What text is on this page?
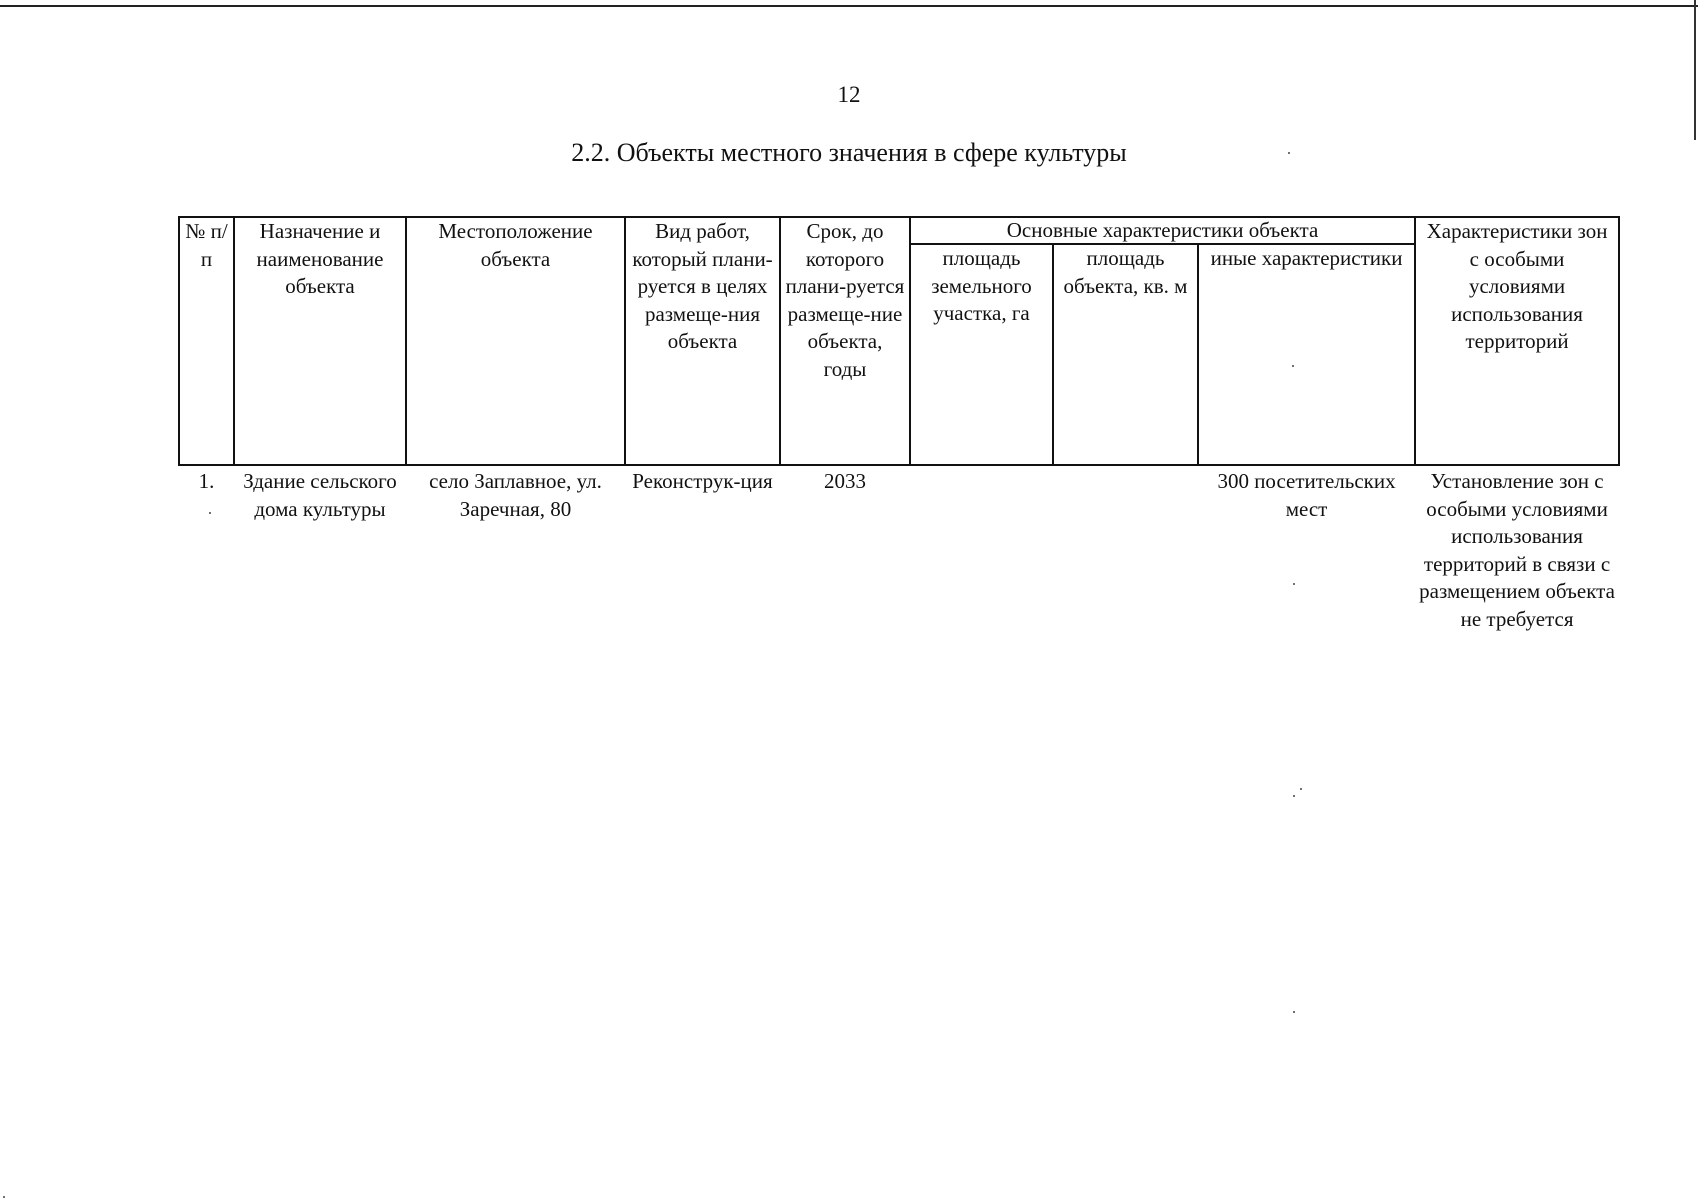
12
2.2. Объекты местного значения в сфере культуры
№ п/п	Назначение и наименование объекта	Местоположение объекта	Вид работ, который плани-руется в целях размеще-ния объекта	Срок, до которого плани-руется размеще-ние объекта, годы	Основные характеристики объекта			Характеристики зон с особыми условиями использования территорий
					площадь земельного участка, га	площадь объекта, кв. м	иные характеристики	
1.	Здание сельского дома культуры	село Заплавное, ул. Заречная, 80	Реконструк-ция	2033			300 посетительских мест	Установление зон с особыми условиями использования территорий в связи с размещением объекта не требуется
